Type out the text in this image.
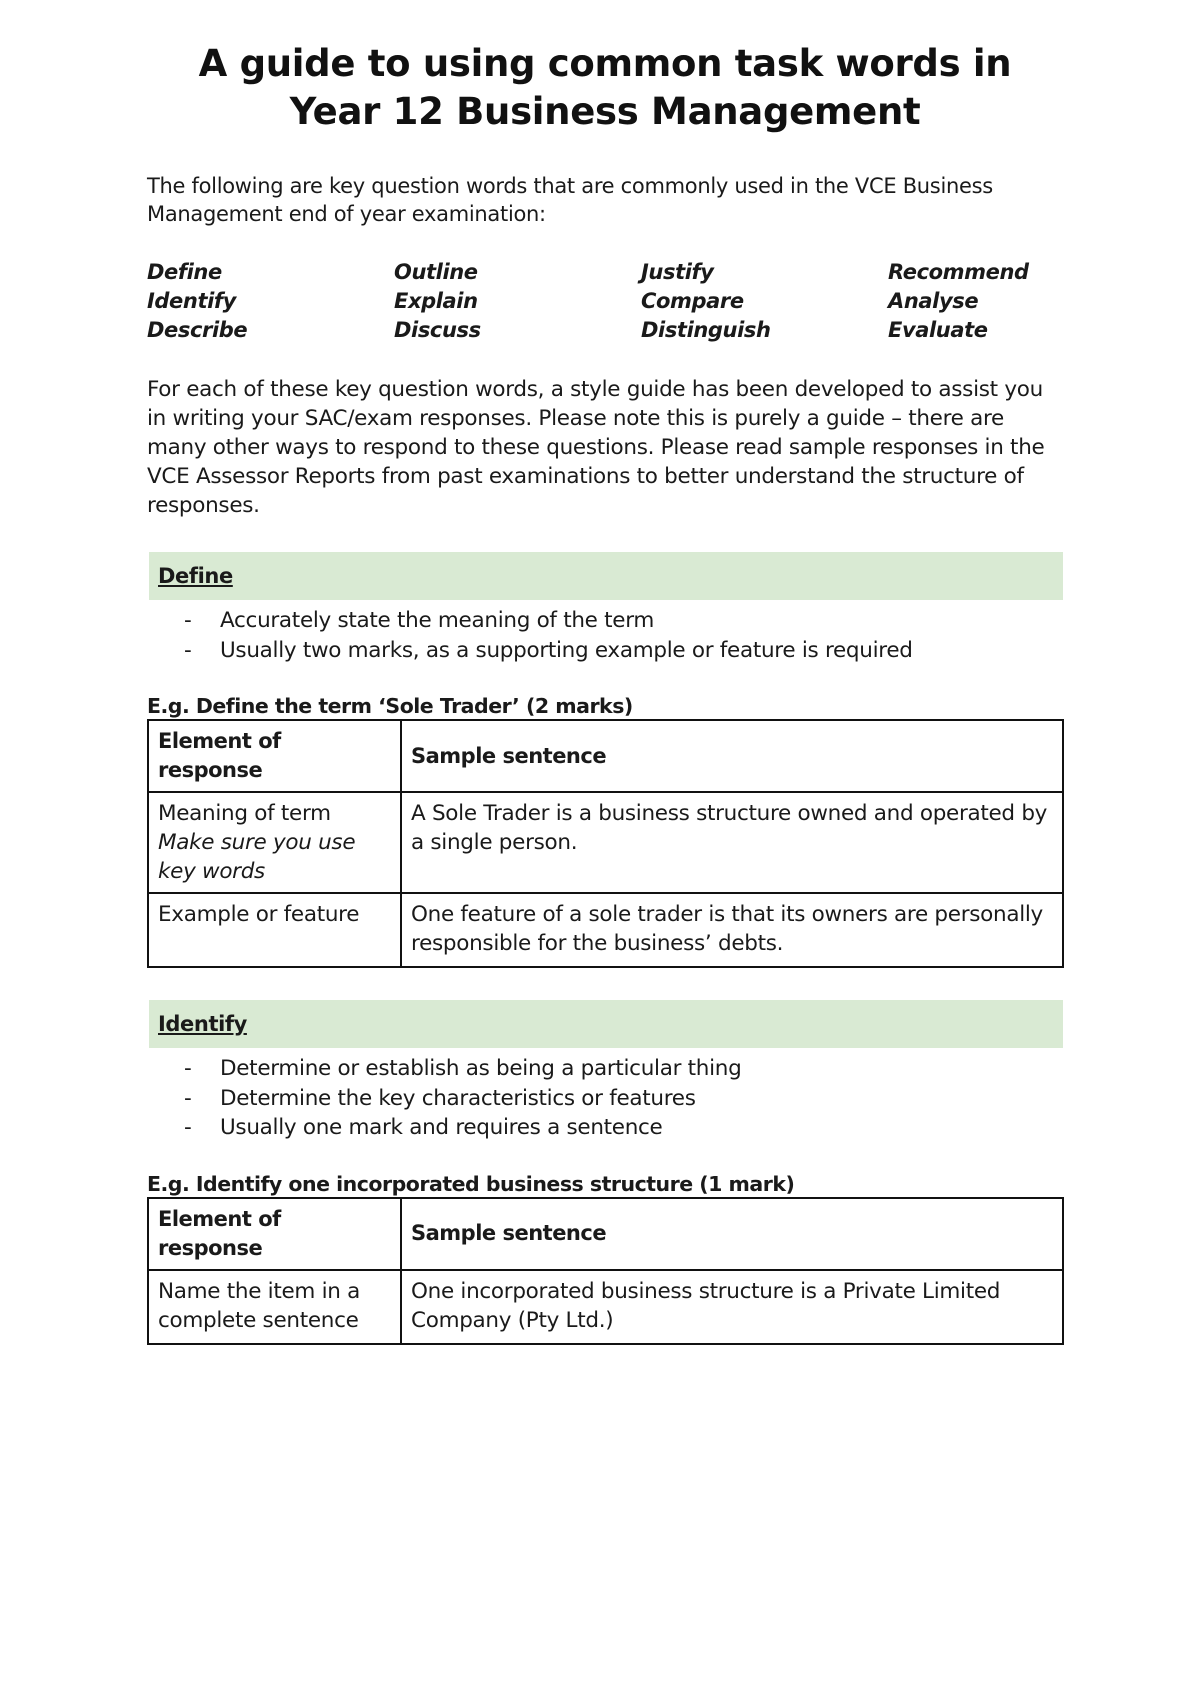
A guide to using common task words in
Year 12 Business Management
The following are key question words that are commonly used in the VCE Business Management end of year examination:
Define	Outline	Justify	Recommend
Identify	Explain	Compare	Analyse
Describe	Discuss	Distinguish	Evaluate
For each of these key question words, a style guide has been developed to assist you in writing your SAC/exam responses. Please note this is purely a guide – there are many other ways to respond to these questions. Please read sample responses in the VCE Assessor Reports from past examinations to better understand the structure of responses.
Define
-	Accurately state the meaning of the term
-	Usually two marks, as a supporting example or feature is required
E.g. Define the term ‘Sole Trader’ (2 marks)
Element of response	Sample sentence

Meaning of term
Make sure you use key words	A Sole Trader is a business structure owned and operated by a single person.

Example or feature	One feature of a sole trader is that its owners are personally responsible for the business’ debts.
Identify
-	Determine or establish as being a particular thing
-	Determine the key characteristics or features
-	Usually one mark and requires a sentence
E.g. Identify one incorporated business structure (1 mark)
Element of response	Sample sentence

Name the item in a complete sentence	One incorporated business structure is a Private Limited Company (Pty Ltd.)
